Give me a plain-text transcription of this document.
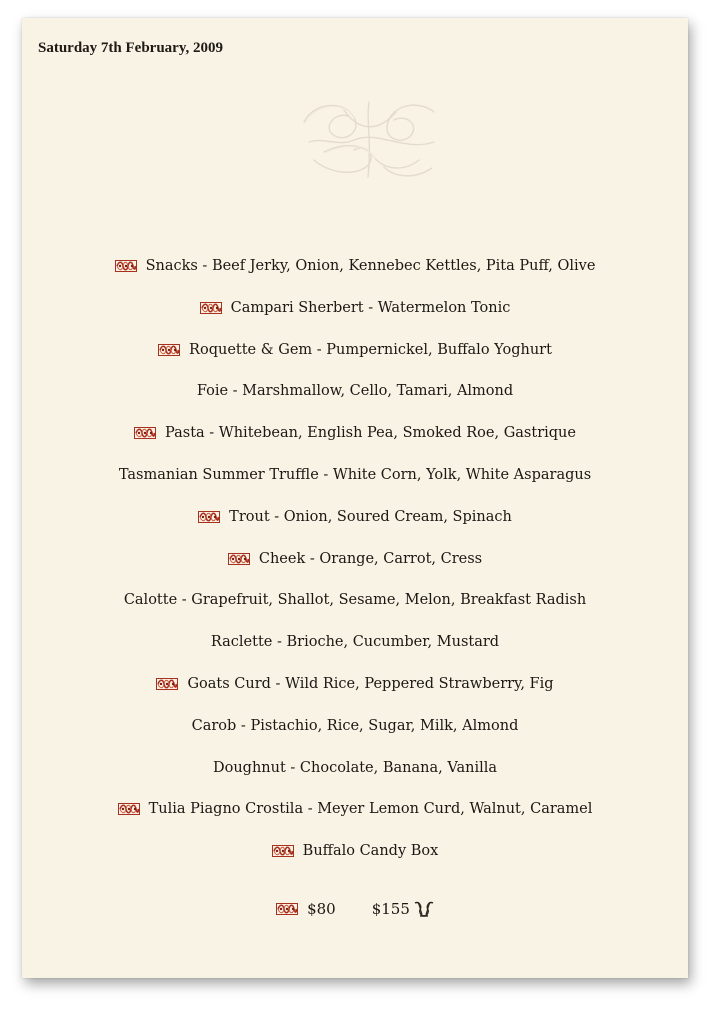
Saturday 7th February, 2009
Snacks - Beef Jerky, Onion, Kennebec Kettles, Pita Puff, Olive
Campari Sherbert - Watermelon Tonic
Roquette & Gem - Pumpernickel, Buffalo Yoghurt
Foie - Marshmallow, Cello, Tamari, Almond
Pasta - Whitebean, English Pea, Smoked Roe, Gastrique
Tasmanian Summer Truffle - White Corn, Yolk, White Asparagus
Trout - Onion, Soured Cream, Spinach
Cheek - Orange, Carrot, Cress
Calotte - Grapefruit, Shallot, Sesame, Melon, Breakfast Radish
Raclette - Brioche, Cucumber, Mustard
Goats Curd - Wild Rice, Peppered Strawberry, Fig
Carob - Pistachio, Rice, Sugar, Milk, Almond
Doughnut - Chocolate, Banana, Vanilla
Tulia Piagno Crostila - Meyer Lemon Curd, Walnut, Caramel
Buffalo Candy Box
$80 $155
